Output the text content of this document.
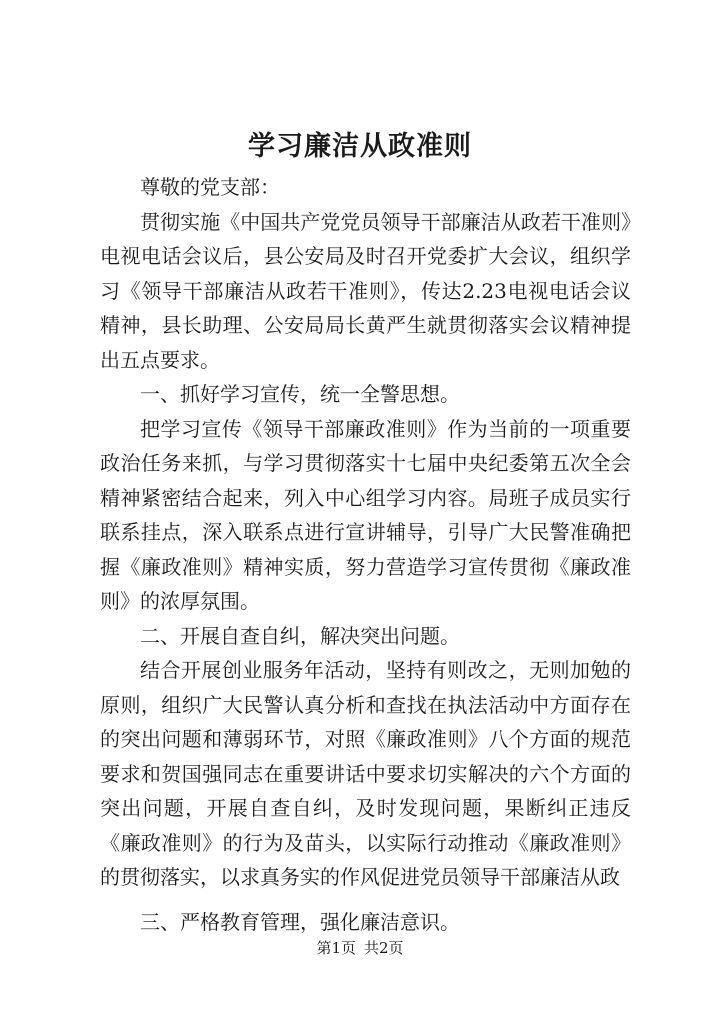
学习廉洁从政准则

尊敬的党支部：

贯彻实施《中国共产党党员领导干部廉洁从政若干准则》电视电话会议后，县公安局及时召开党委扩大会议，组织学习《领导干部廉洁从政若干准则》，传达2.23电视电话会议精神，县长助理、公安局局长黄严生就贯彻落实会议精神提出五点要求。

一、抓好学习宣传，统一全警思想。

把学习宣传《领导干部廉政准则》作为当前的一项重要政治任务来抓，与学习贯彻落实十七届中央纪委第五次全会精神紧密结合起来，列入中心组学习内容。局班子成员实行联系挂点，深入联系点进行宣讲辅导，引导广大民警准确把握《廉政准则》精神实质，努力营造学习宣传贯彻《廉政准则》的浓厚氛围。

二、开展自查自纠，解决突出问题。

结合开展创业服务年活动，坚持有则改之，无则加勉的原则，组织广大民警认真分析和查找在执法活动中方面存在的突出问题和薄弱环节，对照《廉政准则》八个方面的规范要求和贺国强同志在重要讲话中要求切实解决的六个方面的突出问题，开展自查自纠，及时发现问题，果断纠正违反《廉政准则》的行为及苗头，以实际行动推动《廉政准则》的贯彻落实，以求真务实的作风促进党员领导干部廉洁从政

三、严格教育管理，强化廉洁意识。

第1页 共2页
